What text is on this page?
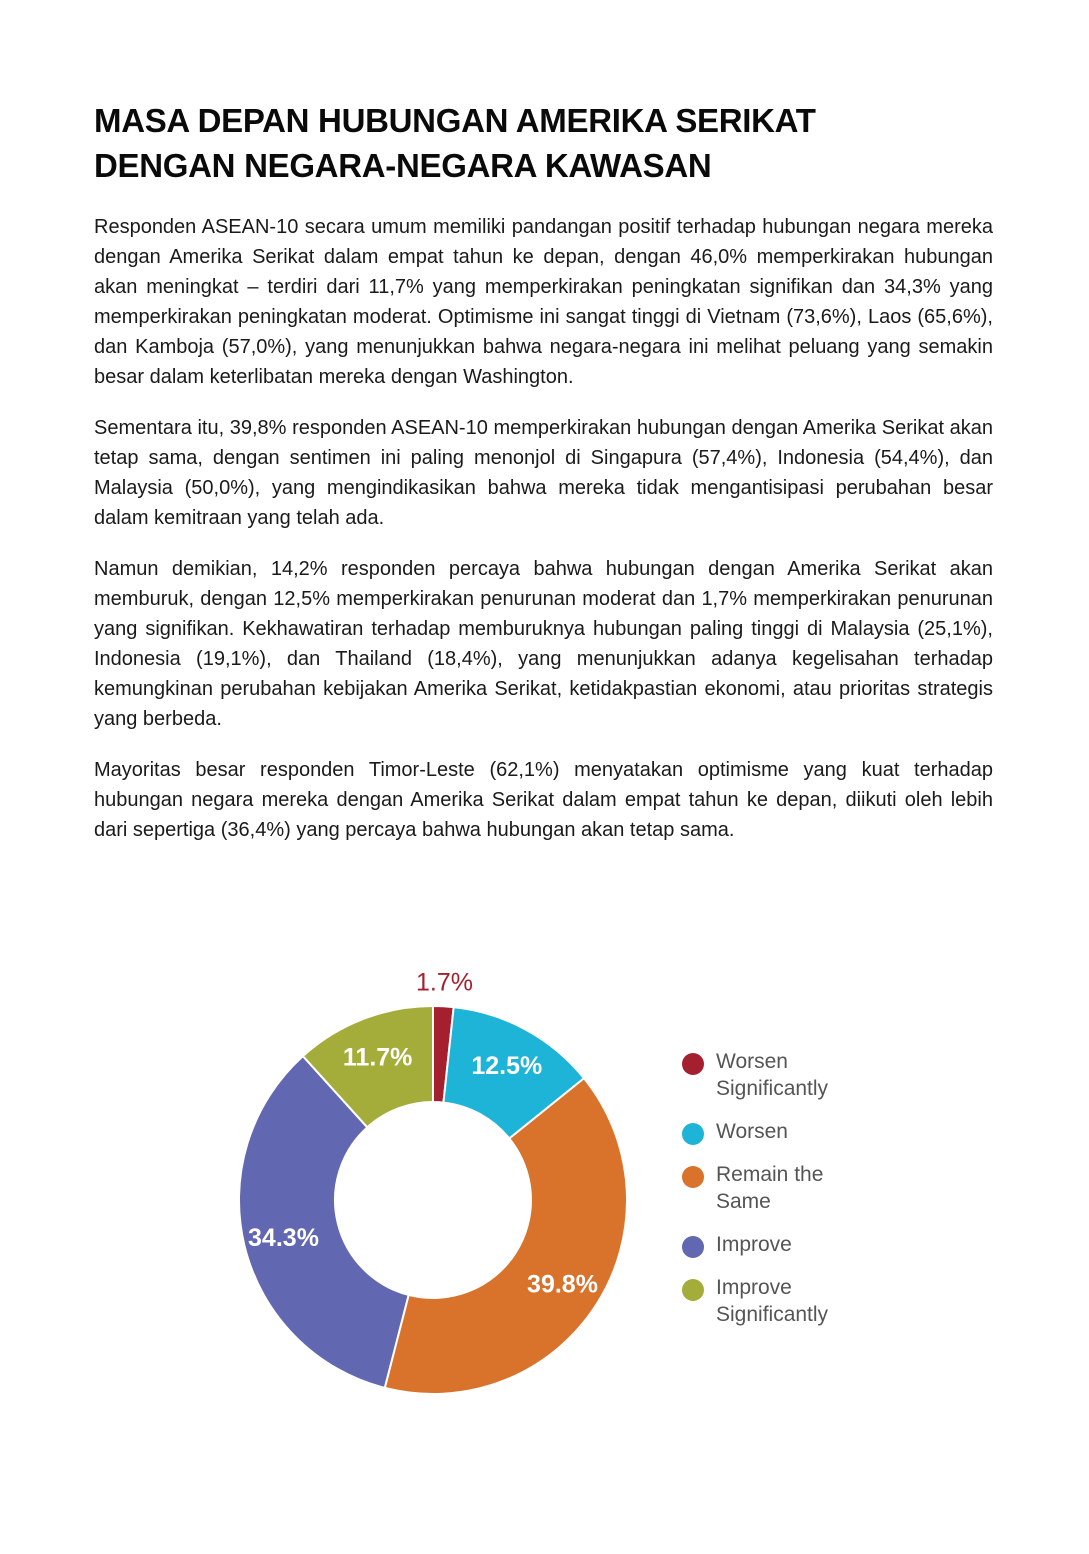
MASA DEPAN HUBUNGAN AMERIKA SERIKAT
DENGAN NEGARA-NEGARA KAWASAN

Responden ASEAN-10 secara umum memiliki pandangan positif terhadap hubungan negara mereka dengan Amerika Serikat dalam empat tahun ke depan, dengan 46,0% memperkirakan hubungan akan meningkat – terdiri dari 11,7% yang memperkirakan peningkatan signifikan dan 34,3% yang memperkirakan peningkatan moderat. Optimisme ini sangat tinggi di Vietnam (73,6%), Laos (65,6%), dan Kamboja (57,0%), yang menunjukkan bahwa negara-negara ini melihat peluang yang semakin besar dalam keterlibatan mereka dengan Washington.

Sementara itu, 39,8% responden ASEAN-10 memperkirakan hubungan dengan Amerika Serikat akan tetap sama, dengan sentimen ini paling menonjol di Singapura (57,4%), Indonesia (54,4%), dan Malaysia (50,0%), yang mengindikasikan bahwa mereka tidak mengantisipasi perubahan besar dalam kemitraan yang telah ada.

Namun demikian, 14,2% responden percaya bahwa hubungan dengan Amerika Serikat akan memburuk, dengan 12,5% memperkirakan penurunan moderat dan 1,7% memperkirakan penurunan yang signifikan. Kekhawatiran terhadap memburuknya hubungan paling tinggi di Malaysia (25,1%), Indonesia (19,1%), dan Thailand (18,4%), yang menunjukkan adanya kegelisahan terhadap kemungkinan perubahan kebijakan Amerika Serikat, ketidakpastian ekonomi, atau prioritas strategis yang berbeda.

Mayoritas besar responden Timor-Leste (62,1%) menyatakan optimisme yang kuat terhadap hubungan negara mereka dengan Amerika Serikat dalam empat tahun ke depan, diikuti oleh lebih dari sepertiga (36,4%) yang percaya bahwa hubungan akan tetap sama.

1.7%
12.5%
39.8%
34.3%
11.7%	Worsen
Significantly
Worsen
Remain the
Same
Improve
Improve
Significantly
